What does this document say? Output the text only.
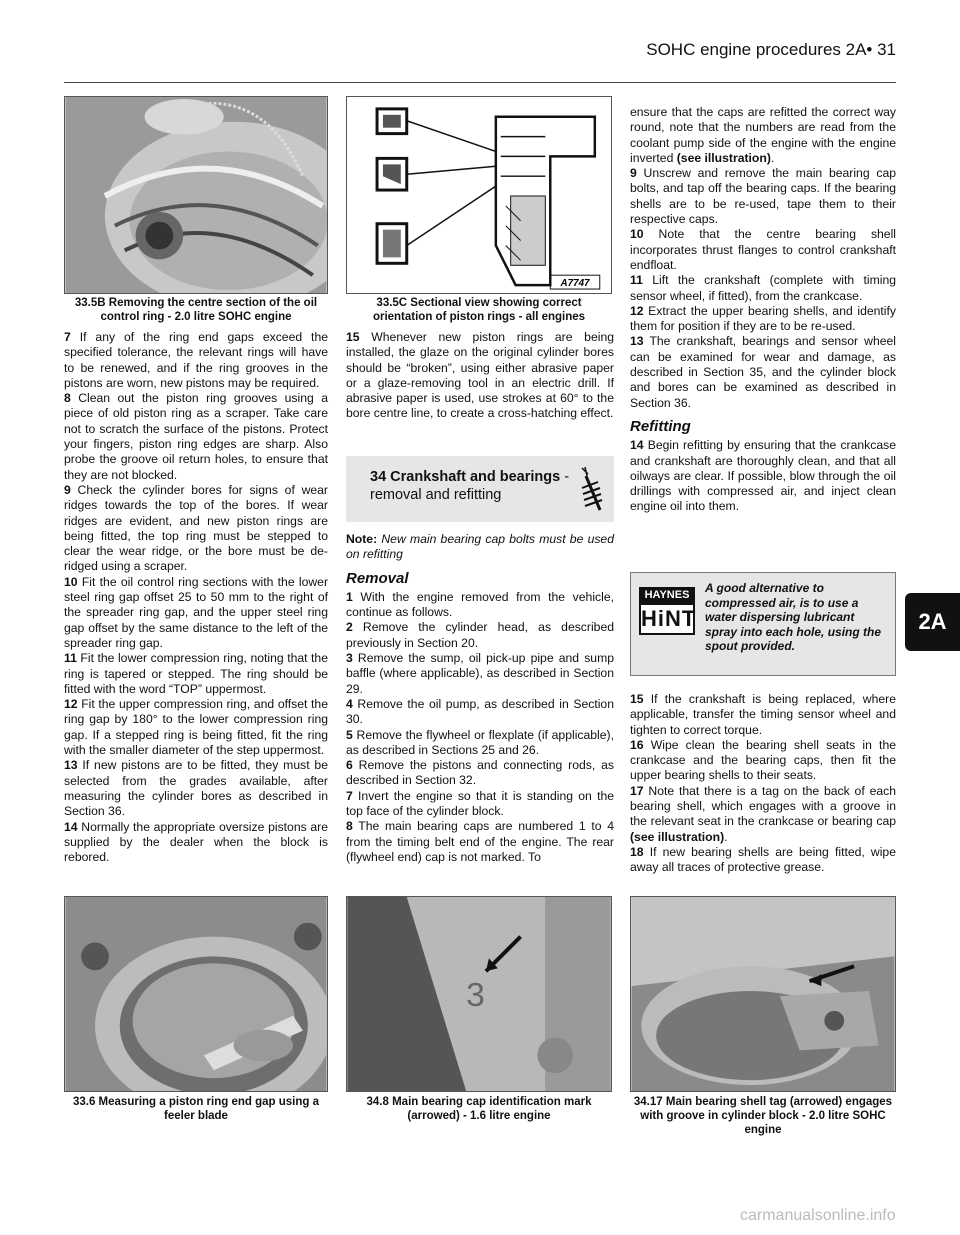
SOHC engine procedures 2A• 31
33.5B Removing the centre section of the oil control ring - 2.0 litre SOHC engine
A7747
33.5C Sectional view showing correct orientation of piston rings - all engines

7 If any of the ring end gaps exceed the specified tolerance, the relevant rings will have to be renewed, and if the ring grooves in the pistons are worn, new pistons may be required.

8 Clean out the piston ring grooves using a piece of old piston ring as a scraper. Take care not to scratch the surface of the pistons. Protect your fingers, piston ring edges are sharp. Also probe the groove oil return holes, to ensure that they are not blocked.

9 Check the cylinder bores for signs of wear ridges towards the top of the bores. If wear ridges are evident, and new piston rings are being fitted, the top ring must be stepped to clear the wear ridge, or the bore must be de-ridged using a scraper.

10 Fit the oil control ring sections with the lower steel ring gap offset 25 to 50 mm to the right of the spreader ring gap, and the upper steel ring gap offset by the same distance to the left of the spreader ring gap.

11 Fit the lower compression ring, noting that the ring is tapered or stepped. The ring should be fitted with the word “TOP” uppermost.

12 Fit the upper compression ring, and offset the ring gap by 180° to the lower compression ring gap. If a stepped ring is being fitted, fit the ring with the smaller diameter of the step uppermost.

13 If new pistons are to be fitted, they must be selected from the grades available, after measuring the cylinder bores as described in Section 36.

14 Normally the appropriate oversize pistons are supplied by the dealer when the block is rebored.

15 Whenever new piston rings are being installed, the glaze on the original cylinder bores should be “broken”, using either abrasive paper or a glaze-removing tool in an electric drill. If abrasive paper is used, use strokes at 60° to the bore centre line, to create a cross-hatching effect.

34 Crankshaft and bearings - removal and refitting

Note: New main bearing cap bolts must be used on refitting

Removal

1 With the engine removed from the vehicle, continue as follows.

2 Remove the cylinder head, as described previously in Section 20.

3 Remove the sump, oil pick-up pipe and sump baffle (where applicable), as described in Section 29.

4 Remove the oil pump, as described in Section 30.

5 Remove the flywheel or flexplate (if applicable), as described in Sections 25 and 26.

6 Remove the pistons and connecting rods, as described in Section 32.

7 Invert the engine so that it is standing on the top face of the cylinder block.

8 The main bearing caps are numbered 1 to 4 from the timing belt end of the engine. The rear (flywheel end) cap is not marked. To

ensure that the caps are refitted the correct way round, note that the numbers are read from the coolant pump side of the engine with the engine inverted (see illustration).

9 Unscrew and remove the main bearing cap bolts, and tap off the bearing caps. If the bearing shells are to be re-used, tape them to their respective caps.

10 Note that the centre bearing shell incorporates thrust flanges to control crankshaft endfloat.

11 Lift the crankshaft (complete with timing sensor wheel, if fitted), from the crankcase.

12 Extract the upper bearing shells, and identify them for position if they are to be re-used.

13 The crankshaft, bearings and sensor wheel can be examined for wear and damage, as described in Section 35, and the cylinder block and bores can be examined as described in Section 36.

Refitting

14 Begin refitting by ensuring that the crankcase and crankshaft are thoroughly clean, and that all oilways are clear. If possible, blow through the oil drillings with compressed air, and inject clean engine oil into them.

HAYNES
HiNT
A good alternative to compressed air, is to use a water dispersing lubricant spray into each hole, using the spout provided.

15 If the crankshaft is being replaced, where applicable, transfer the timing sensor wheel and tighten to correct torque.

16 Wipe clean the bearing shell seats in the crankcase and the bearing caps, then fit the upper bearing shells to their seats.

17 Note that there is a tag on the back of each bearing shell, which engages with a groove in the relevant seat in the crankcase or bearing cap (see illustration).

18 If new bearing shells are being fitted, wipe away all traces of protective grease.

2A
33.6 Measuring a piston ring end gap using a feeler blade
3
34.8 Main bearing cap identification mark (arrowed) - 1.6 litre engine
34.17 Main bearing shell tag (arrowed) engages with groove in cylinder block - 2.0 litre SOHC engine
carmanualsonline.info
